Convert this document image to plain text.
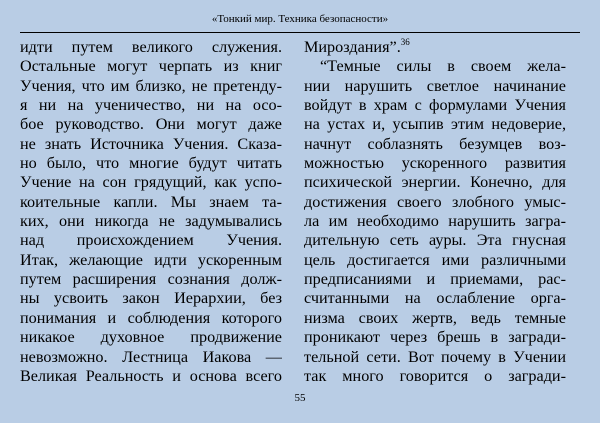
«Тонкий мир. Техника безопасности»
идти путем великого служения.
Остальные могут черпать из книг
Учения, что им близко, не претенду-
я ни на ученичество, ни на осо-
бое руководство. Они могут даже
не знать Источника Учения. Сказа-
но было, что многие будут читать
Учение на сон грядущий, как успо-
коительные капли. Мы знаем та-
ких, они никогда не задумывались
над происхождением Учения.
Итак, желающие идти ускоренным
путем расширения сознания долж-
ны усвоить закон Иерархии, без
понимания и соблюдения которого
никакое духовное продвижение
невозможно. Лестница Иакова —
Великая Реальность и основа всего
Мироздания”.$^{36}$
“Темные силы в своем жела-
нии нарушить светлое начинание
войдут в храм с формулами Учения
на устах и, усыпив этим недоверие,
начнут соблазнять безумцев воз-
можностью ускоренного развития
психической энергии. Конечно, для
достижения своего злобного умыс-
ла им необходимо нарушить загра-
дительную сеть ауры. Эта гнусная
цель достигается ими различными
предписаниями и приемами, рас-
считанными на ослабление орга-
низма своих жертв, ведь темные
проникают через брешь в загради-
тельной сети. Вот почему в Учении
так много говорится о загради-
55
